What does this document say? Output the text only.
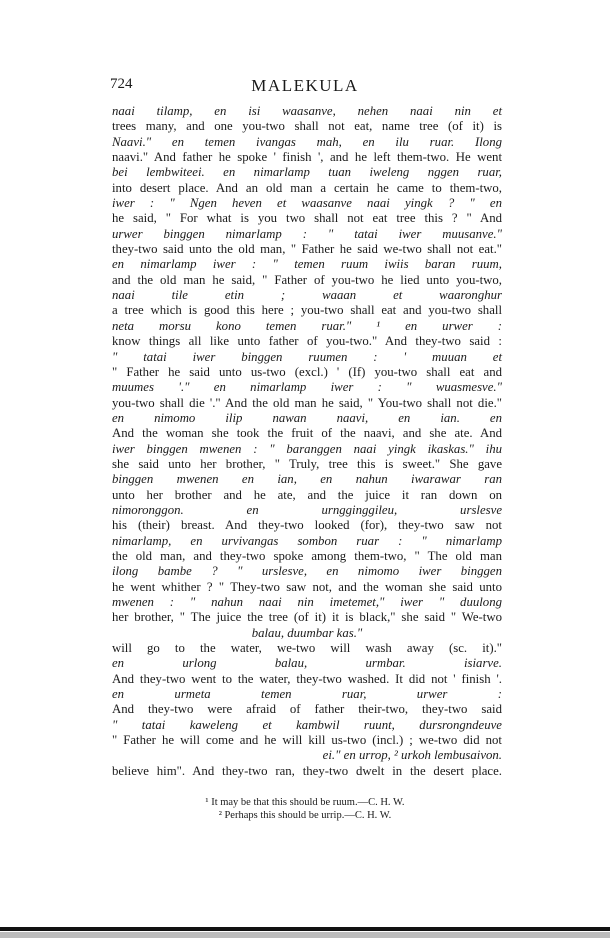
724	MALEKULA
naai tilamp, en isi waasanve, nehen naai nin et
trees many, and one you-two shall not eat, name tree (of it) is
Naavi." en temen ivangas mah, en ilu ruar. Ilong
naavi." And father he spoke ' finish ', and he left them-two. He went
bei lembwiteei. en nimarlamp tuan iweleng nggen ruar,
into desert place. And an old man a certain he came to them-two,
iwer : " Ngen heven et waasanve naai yingk ? " en
he said, " For what is you two shall not eat tree this ? " And
urwer binggen nimarlamp : " tatai iwer muusanve."
they-two said unto the old man, " Father he said we-two shall not eat."
en nimarlamp iwer : " temen ruum iwiis baran ruum,
and the old man he said, " Father of you-two he lied unto you-two,
naai tile etin ; waaan et waaronghur
a tree which is good this here ; you-two shall eat and you-two shall
neta morsu kono temen ruar." ¹ en urwer :
know things all like unto father of you-two." And they-two said :
" tatai iwer binggen ruumen : ' muuan et
" Father he said unto us-two (excl.) ' (If) you-two shall eat and
muumes '." en nimarlamp iwer : " wuasmesve."
you-two shall die '." And the old man he said, " You-two shall not die."
en nimomo ilip nawan naavi, en ian. en
And the woman she took the fruit of the naavi, and she ate. And
iwer binggen mwenen : " baranggen naai yingk ikaskas." ihu
she said unto her brother, " Truly, tree this is sweet." She gave
binggen mwenen en ian, en nahun iwarawar ran
unto her brother and he ate, and the juice it ran down on
nimoronggon. en urngginggileu, urslesve
his (their) breast. And they-two looked (for), they-two saw not
nimarlamp, en urvivangas sombon ruar : " nimarlamp
the old man, and they-two spoke among them-two, " The old man
ilong bambe ? " urslesve, en nimomo iwer binggen
he went whither ? " They-two saw not, and the woman she said unto
mwenen : " nahun naai nin imetemet," iwer " duulong
her brother, " The juice the tree (of it) it is black," she said " We-two
balau, duumbar kas."
will go to the water, we-two will wash away (sc. it)."
en urlong balau, urmbar. isiarve.
And they-two went to the water, they-two washed. It did not ' finish '.
en urmeta temen ruar, urwer :
And they-two were afraid of father their-two, they-two said
" tatai kaweleng et kambwil ruunt, dursrongndeuve
" Father he will come and he will kill us-two (incl.) ; we-two did not
ei." en urrop, ² urkoh lembusaivon.
believe him". And they-two ran, they-two dwelt in the desert place.
¹ It may be that this should be ruum.—C. H. W.
² Perhaps this should be urrip.—C. H. W.
